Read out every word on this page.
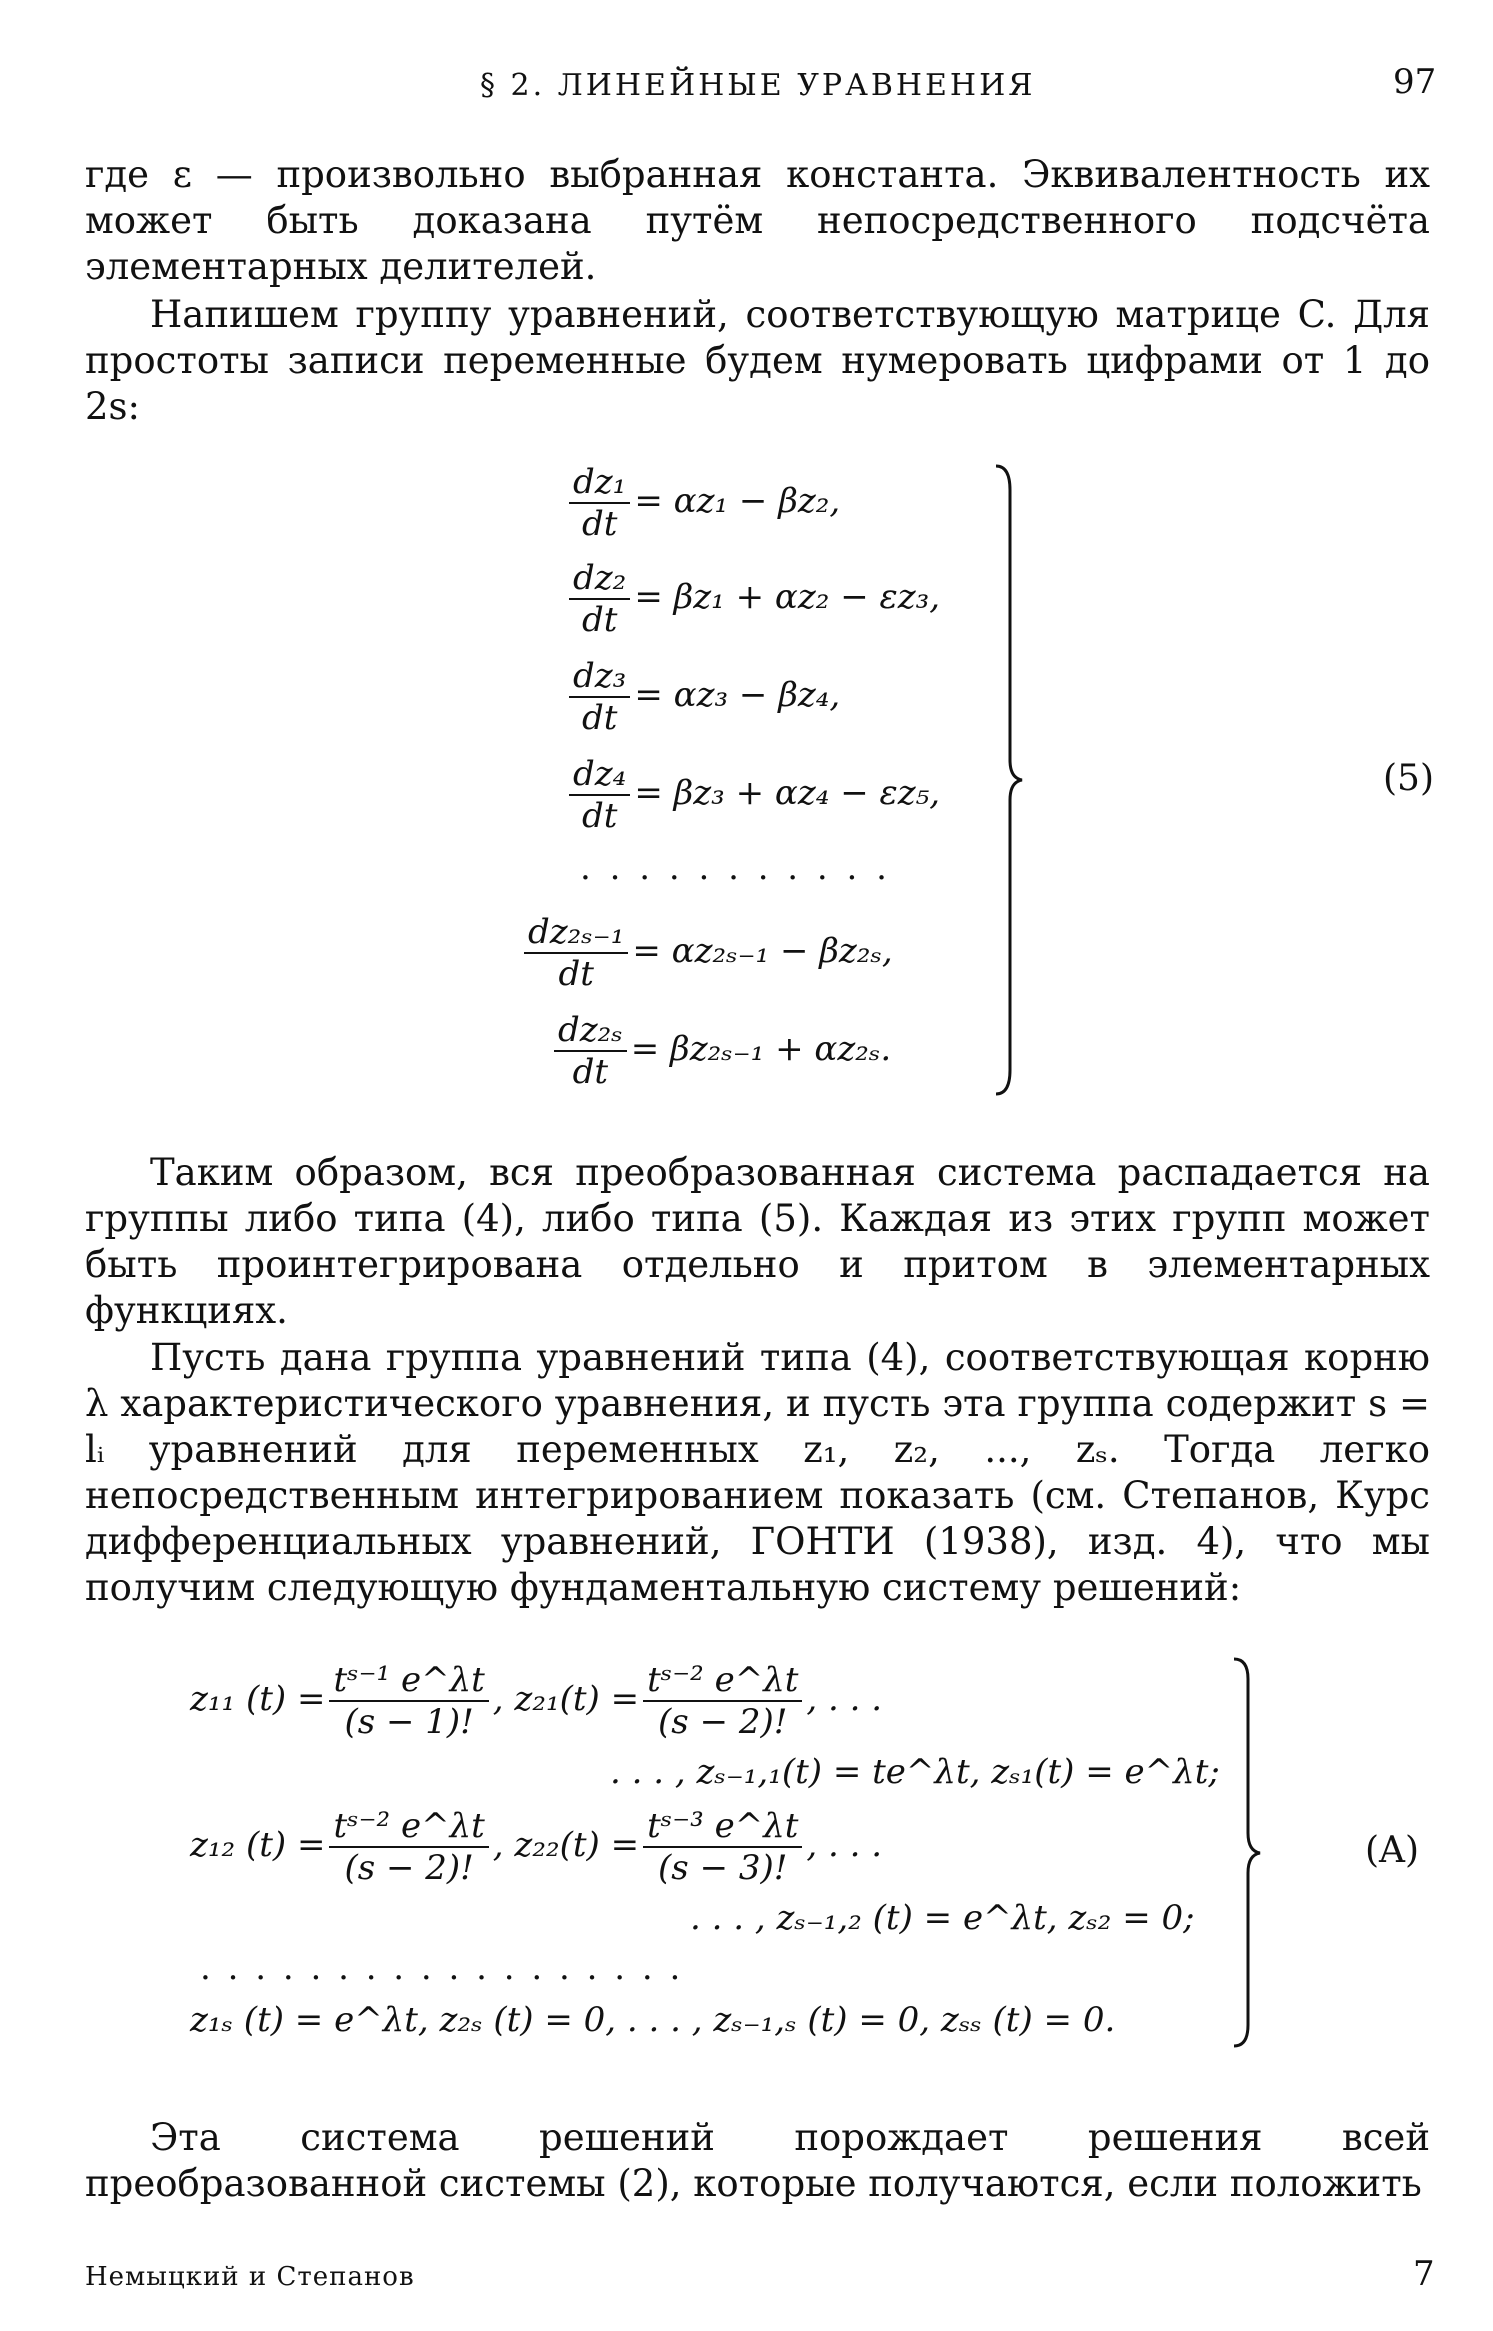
§ 2. ЛИНЕЙНЫЕ УРАВНЕНИЯ	97

где ε — произвольно выбранная константа. Эквивалентность их может быть доказана путём непосредственного подсчёта элементарных делителей.

Напишем группу уравнений, соответствующую матрице C. Для простоты записи переменные будем нумеровать цифрами от 1 до 2s:

$\frac{\text{dz₁}}{dt} = \alpha z_1 - \beta z_2$,
$\frac{\text{dz₂}}{dt} = \beta z_1 + \alpha z_2 - \varepsilon z_3$,
$\frac{\text{dz₃}}{dt} = \alpha z_3 - \beta z_4$,
$\frac{\text{dz₄}}{dt} = \beta z_3 + \alpha z_4 - \varepsilon z_5$,
. . . . . . . . . . .
$\frac{\text{dz₂ₛ₋₁}}{dt} = \alpha z_{2s-1} - \beta z_{2s}$,
$\frac{\text{dz₂ₛ}}{dt} = \beta z_{2s-1} + \alpha z_{2s}$.
(5)

Таким образом, вся преобразованная система распадается на группы либо типа (4), либо типа (5). Каждая из этих групп может быть проинтегрирована отдельно и притом в элементарных функциях.

Пусть дана группа уравнений типа (4), соответствующая корню λ характеристического уравнения, и пусть эта группа содержит s = lᵢ уравнений для переменных z₁, z₂, ..., zₛ. Тогда легко непосредственным интегрированием показать (см. Степанов, Курс дифференциальных уравнений, ГОНТИ (1938), изд. 4), что мы получим следующую фундаментальную систему решений:

z₁₁ $(t) = \frac{\text{tˢ⁻¹ e\textasciicircum{}λt}}{(s - 1)!}$ , $z_{21}(t) = \frac{\text{tˢ⁻² e\textasciicircum{}λt}}{(s - 2)!}$ , . . .
. . . , zₛ₋₁,₁(t) = te^λt, zₛ₁(t) = e^λt;
z₁₂ $(t) = \frac{\text{tˢ⁻² e\textasciicircum{}λt}}{(s - 2)!}$ , $z_{22}(t) = \frac{\text{tˢ⁻³ e\textasciicircum{}λt}}{(s - 3)!}$ , . . .
. . . , zₛ₋₁,₂ (t) = e^λt, zₛ₂ = 0;
. . . . . . . . . . . . . . . . . .
z₁ₛ (t) = e^λt, z₂ₛ (t) = 0, . . . , zₛ₋₁,ₛ (t) = 0, zₛₛ (t) = 0.
(A)

Эта система решений порождает решения всей преобразованной системы (2), которые получаются, если положить

Немыцкий и Степанов	7
